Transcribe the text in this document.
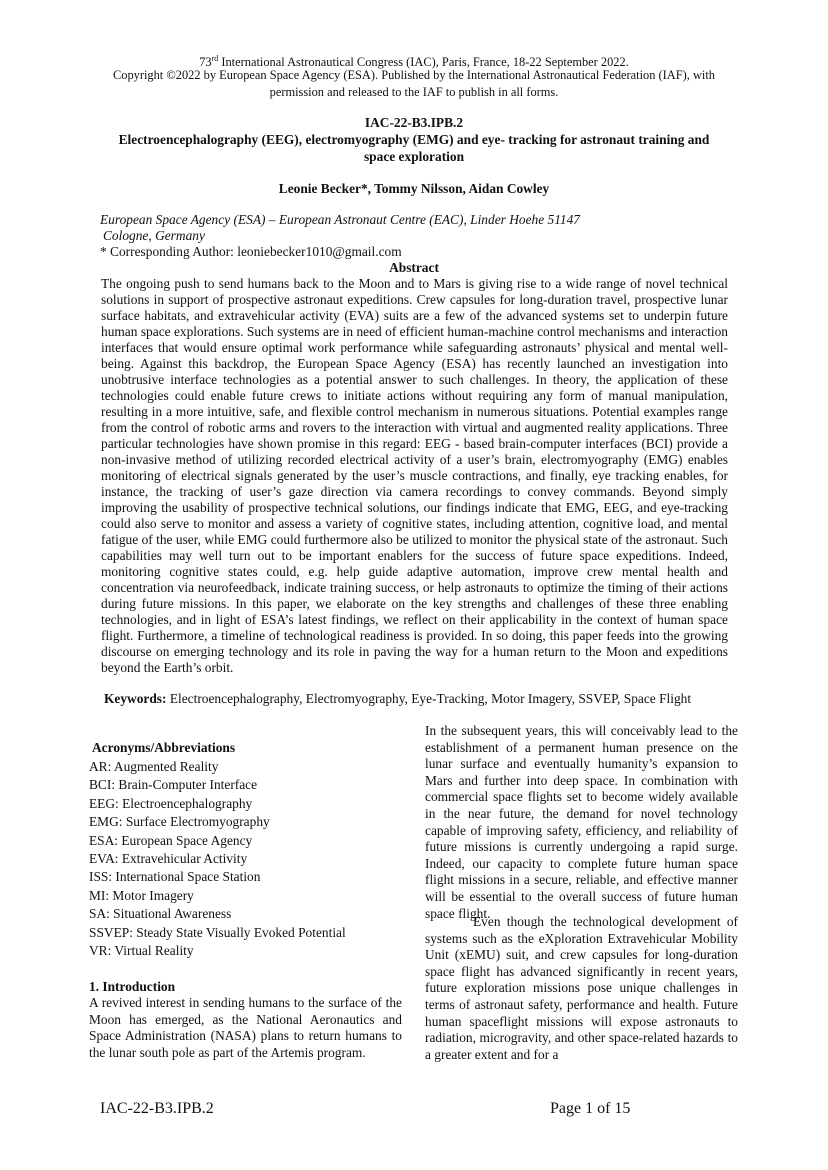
73rd International Astronautical Congress (IAC), Paris, France, 18-22 September 2022.
Copyright ©2022 by European Space Agency (ESA). Published by the International Astronautical Federation (IAF), with
permission and released to the IAF to publish in all forms.
IAC-22-B3.IPB.2
Electroencephalography (EEG), electromyography (EMG) and eye- tracking for astronaut training and
space exploration
Leonie Becker*, Tommy Nilsson, Aidan Cowley
European Space Agency (ESA) – European Astronaut Centre (EAC), Linder Hoehe 51147
Cologne, Germany
* Corresponding Author: leoniebecker1010@gmail.com
Abstract
The ongoing push to send humans back to the Moon and to Mars is giving rise to a wide range of novel technical solutions in support of prospective astronaut expeditions. Crew capsules for long-duration travel, prospective lunar surface habitats, and extravehicular activity (EVA) suits are a few of the advanced systems set to underpin future human space explorations. Such systems are in need of efficient human-machine control mechanisms and interaction interfaces that would ensure optimal work performance while safeguarding astronauts’ physical and mental well-being. Against this backdrop, the European Space Agency (ESA) has recently launched an investigation into unobtrusive interface technologies as a potential answer to such challenges. In theory, the application of these technologies could enable future crews to initiate actions without requiring any form of manual manipulation, resulting in a more intuitive, safe, and flexible control mechanism in numerous situations. Potential examples range from the control of robotic arms and rovers to the interaction with virtual and augmented reality applications. Three particular technologies have shown promise in this regard: EEG - based brain-computer interfaces (BCI) provide a non-invasive method of utilizing recorded electrical activity of a user’s brain, electromyography (EMG) enables monitoring of electrical signals generated by the user’s muscle contractions, and finally, eye tracking enables, for instance, the tracking of user’s gaze direction via camera recordings to convey commands. Beyond simply improving the usability of prospective technical solutions, our findings indicate that EMG, EEG, and eye-tracking could also serve to monitor and assess a variety of cognitive states, including attention, cognitive load, and mental fatigue of the user, while EMG could furthermore also be utilized to monitor the physical state of the astronaut. Such capabilities may well turn out to be important enablers for the success of future space expeditions. Indeed, monitoring cognitive states could, e.g. help guide adaptive automation, improve crew mental health and concentration via neurofeedback, indicate training success, or help astronauts to optimize the timing of their actions during future missions. In this paper, we elaborate on the key strengths and challenges of these three enabling technologies, and in light of ESA’s latest findings, we reflect on their applicability in the context of human space flight. Furthermore, a timeline of technological readiness is provided. In so doing, this paper feeds into the growing discourse on emerging technology and its role in paving the way for a human return to the Moon and expeditions beyond the Earth’s orbit.
Keywords: Electroencephalography, Electromyography, Eye-Tracking, Motor Imagery, SSVEP, Space Flight
Acronyms/Abbreviations
AR: Augmented Reality
BCI: Brain-Computer Interface
EEG: Electroencephalography
EMG: Surface Electromyography
ESA: European Space Agency
EVA: Extravehicular Activity
ISS: International Space Station
MI: Motor Imagery
SA: Situational Awareness
SSVEP: Steady State Visually Evoked Potential
VR: Virtual Reality
1. Introduction
A revived interest in sending humans to the surface of the Moon has emerged, as the National Aeronautics and Space Administration (NASA) plans to return humans to the lunar south pole as part of the Artemis program.
In the subsequent years, this will conceivably lead to the establishment of a permanent human presence on the lunar surface and eventually humanity’s expansion to Mars and further into deep space. In combination with commercial space flights set to become widely available in the near future, the demand for novel technology capable of improving safety, efficiency, and reliability of future missions is currently undergoing a rapid surge. Indeed, our capacity to complete future human space flight missions in a secure, reliable, and effective manner will be essential to the overall success of future human space flight.
Even though the technological development of systems such as the eXploration Extravehicular Mobility Unit (xEMU) suit, and crew capsules for long-duration space flight has advanced significantly in recent years, future exploration missions pose unique challenges in terms of astronaut safety, performance and health. Future human spaceflight missions will expose astronauts to radiation, microgravity, and other space-related hazards to a greater extent and for a
IAC-22-B3.IPB.2	Page 1 of 15
